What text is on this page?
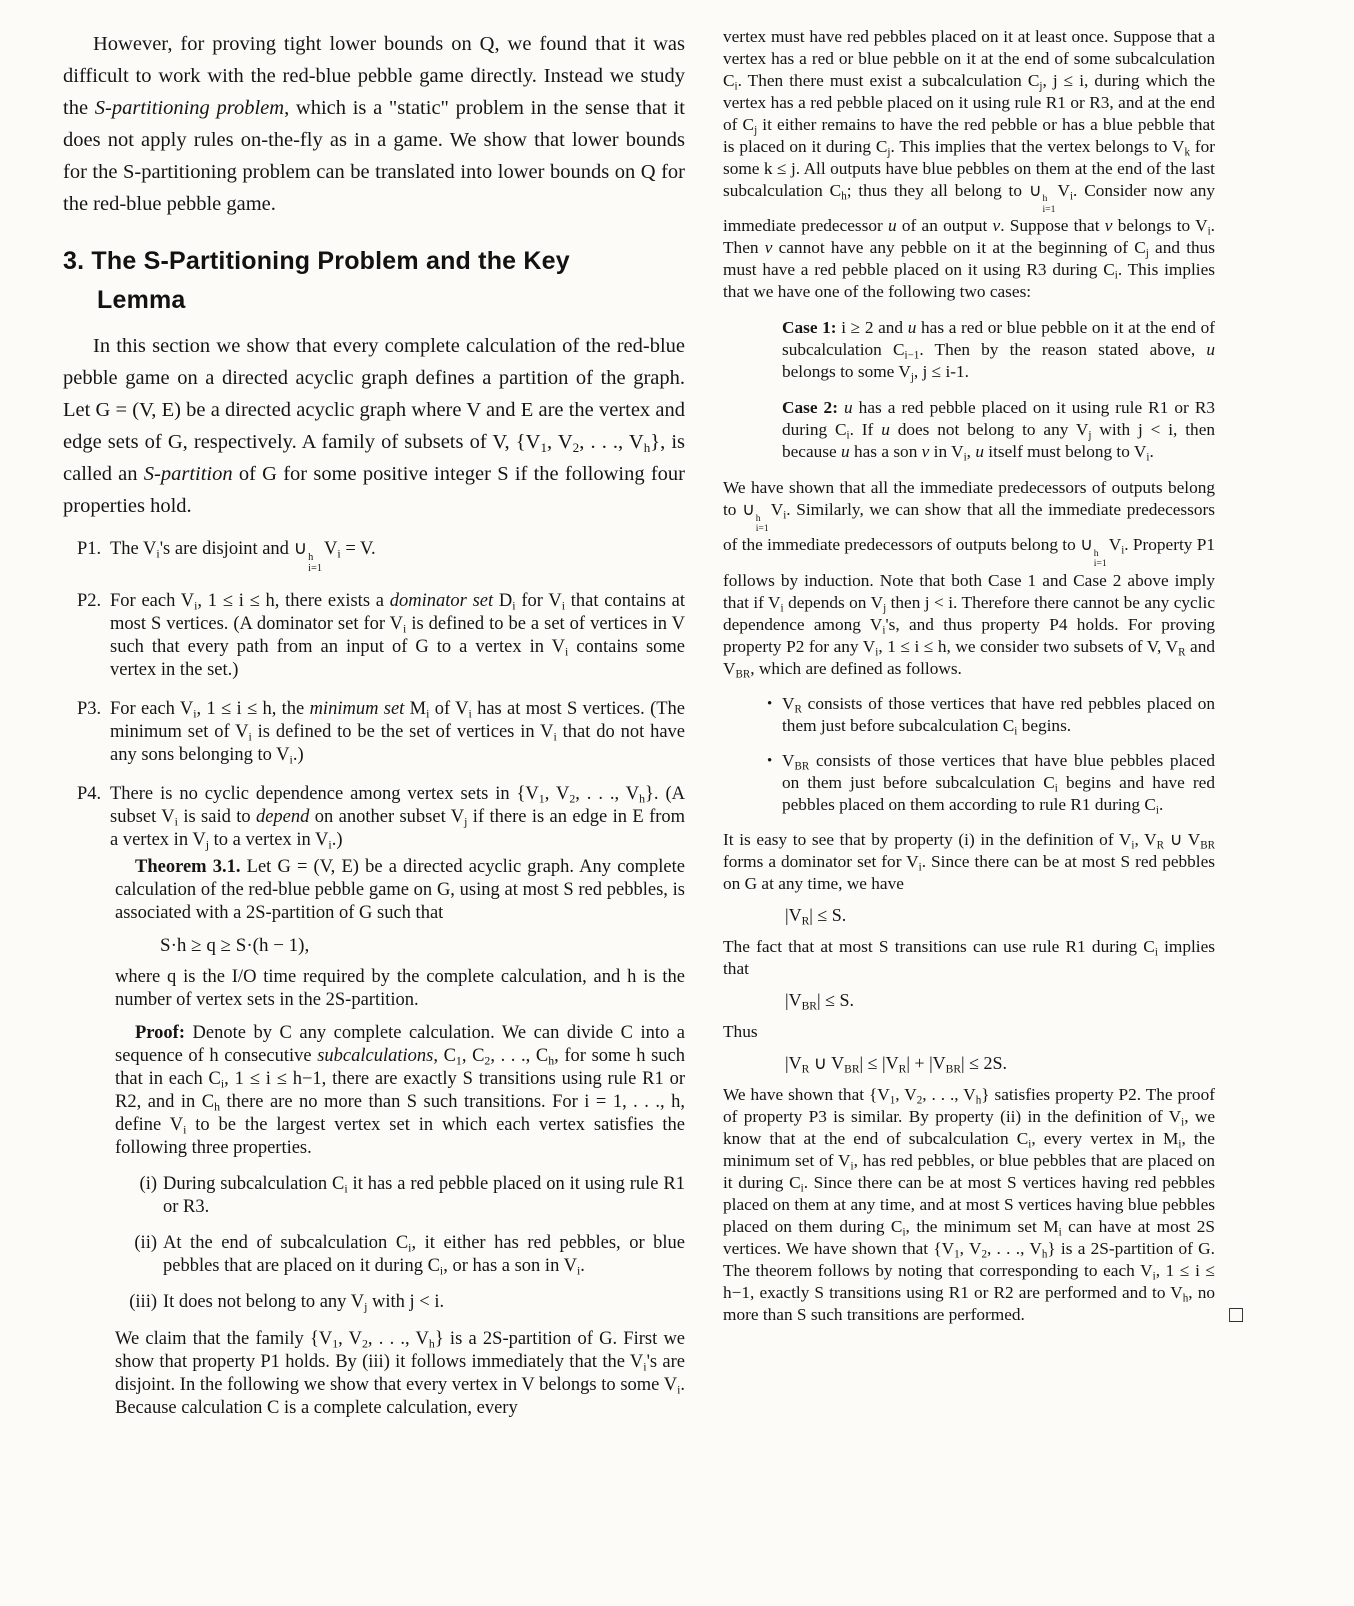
However, for proving tight lower bounds on Q, we found that it was difficult to work with the red-blue pebble game directly. Instead we study the S-partitioning problem, which is a "static" problem in the sense that it does not apply rules on-the-fly as in a game. We show that lower bounds for the S-partitioning problem can be translated into lower bounds on Q for the red-blue pebble game.

3. The S-Partitioning Problem and the Key
Lemma

In this section we show that every complete calculation of the red-blue pebble game on a directed acyclic graph defines a partition of the graph. Let G = (V, E) be a directed acyclic graph where V and E are the vertex and edge sets of G, respectively. A family of subsets of V, {$V_1$, $V_2$, . . ., $V_h$}, is called an S-partition of G for some positive integer S if the following four properties hold.

P1. The $V_i's$ are disjoint and ∪ h
i=1
$V_i = V$.
P2. For each $V_i$, 1 ≤ i ≤ h, there exists a dominator set $D_i$ for $V_i$ that contains at most S vertices. (A dominator set for $V_i$ is defined to be a set of vertices in V such that every path from an input of G to a vertex in $V_i$ contains some vertex in the set.)
P3. For each $V_i$, 1 ≤ i ≤ h, the minimum set $M_i$ of $V_i$ has at most S vertices. (The minimum set of $V_i$ is defined to be the set of vertices in $V_i$ that do not have any sons belonging to $V_i$.)
P4. There is no cyclic dependence among vertex sets in {$V_1$, $V_2$, . . ., $V_h$}. (A subset $V_i$ is said to depend on another subset $V_j$ if there is an edge in E from a vertex in $V_j$ to a vertex in $V_i$.)
Theorem 3.1. Let G = (V, E) be a directed acyclic graph. Any complete calculation of the red-blue pebble game on G, using at most S red pebbles, is associated with a 2S-partition of G such that
S·h ≥ q ≥ S·(h − 1),
where q is the I/O time required by the complete calculation, and h is the number of vertex sets in the 2S-partition.
Proof: Denote by C any complete calculation. We can divide C into a sequence of h consecutive subcalculations, $C_1$, $C_2$, . . ., $C_h$, for some h such that in each $C_i$, 1 ≤ i ≤ h−1, there are exactly S transitions using rule R1 or R2, and in $C_h$ there are no more than S such transitions. For i = 1, . . ., h, define $V_i$ to be the largest vertex set in which each vertex satisfies the following three properties.
(i) During subcalculation $C_i$ it has a red pebble placed on it using rule R1 or R3.
(ii) At the end of subcalculation $C_i$, it either has red pebbles, or blue pebbles that are placed on it during $C_i$, or has a son in $V_i$.
(iii) It does not belong to any $V_j$ with j < i.
We claim that the family {$V_1$, $V_2$, . . ., $V_h$} is a 2S-partition of G. First we show that property P1 holds. By (iii) it follows immediately that the $V_i's$ are disjoint. In the following we show that every vertex in V belongs to some $V_i$. Because calculation C is a complete calculation, every

vertex must have red pebbles placed on it at least once. Suppose that a vertex has a red or blue pebble on it at the end of some subcalculation $C_i$. Then there must exist a subcalculation $C_j$, j ≤ i, during which the vertex has a red pebble placed on it using rule R1 or R3, and at the end of $C_j$ it either remains to have the red pebble or has a blue pebble that is placed on it during $C_j$. This implies that the vertex belongs to $V_k$ for some k ≤ j. All outputs have blue pebbles on them at the end of the last subcalculation $C_h$; thus they all belong to ∪ h
i=1
$V_i$. Consider now any immediate predecessor u of an output v. Suppose that v belongs to $V_i$. Then v cannot have any pebble on it at the beginning of $C_j$ and thus must have a red pebble placed on it using R3 during $C_i$. This implies that we have one of the following two cases:

Case 1: i ≥ 2 and u has a red or blue pebble on it at the end of subcalculation $C_{i-1}$. Then by the reason stated above, u belongs to some $V_j$, j ≤ i-1.
Case 2: u has a red pebble placed on it using rule R1 or R3 during $C_i$. If u does not belong to any $V_j$ with j < i, then because u has a son v in $V_i$, u itself must belong to $V_i$.

We have shown that all the immediate predecessors of outputs belong to ∪ h
i=1
$V_i$. Similarly, we can show that all the immediate predecessors of the immediate predecessors of outputs belong to ∪ h
i=1
$V_i$. Property P1 follows by induction. Note that both Case 1 and Case 2 above imply that if $V_i$ depends on $V_j$ then j < i. Therefore there cannot be any cyclic dependence among $V_i's$, and thus property P4 holds. For proving property P2 for any $V_i$, 1 ≤ i ≤ h, we consider two subsets of V, $V_R$ and $V_{BR}$, which are defined as follows.

• $V_R$ consists of those vertices that have red pebbles placed on them just before subcalculation $C_i$ begins.
• $V_{BR}$ consists of those vertices that have blue pebbles placed on them just before subcalculation $C_i$ begins and have red pebbles placed on them according to rule R1 during $C_i$.

It is easy to see that by property (i) in the definition of $V_i$, $V_R$ ∪ $V_{BR}$ forms a dominator set for $V_i$. Since there can be at most S red pebbles on G at any time, we have

$|V_R| \le S$.

The fact that at most S transitions can use rule R1 during $C_i$ implies that

$|V_{BR}| \le S$.
Thus
$|V_R$ ∪ $V_{BR}| \le |V_R| + |V_{BR}| \le 2S$.
We have shown that {$V_1$, $V_2$, . . ., $V_h$} satisfies property P2. The proof of property P3 is similar. By property (ii) in the definition of $V_i$, we know that at the end of subcalculation $C_i$, every vertex in $M_i$, the minimum set of $V_i$, has red pebbles, or blue pebbles that are placed on it during $C_i$. Since there can be at most S vertices having red pebbles placed on them at any time, and at most S vertices having blue pebbles placed on them during $C_i$, the minimum set $M_i$ can have at most 2S vertices. We have shown that {$V_1$, $V_2$, . . ., $V_h$} is a 2S-partition of G. The theorem follows by noting that corresponding to each $V_i$, 1 ≤ i ≤ h−1, exactly S transitions using R1 or R2 are performed and to $V_h$, no more than S such transitions are performed.	□
